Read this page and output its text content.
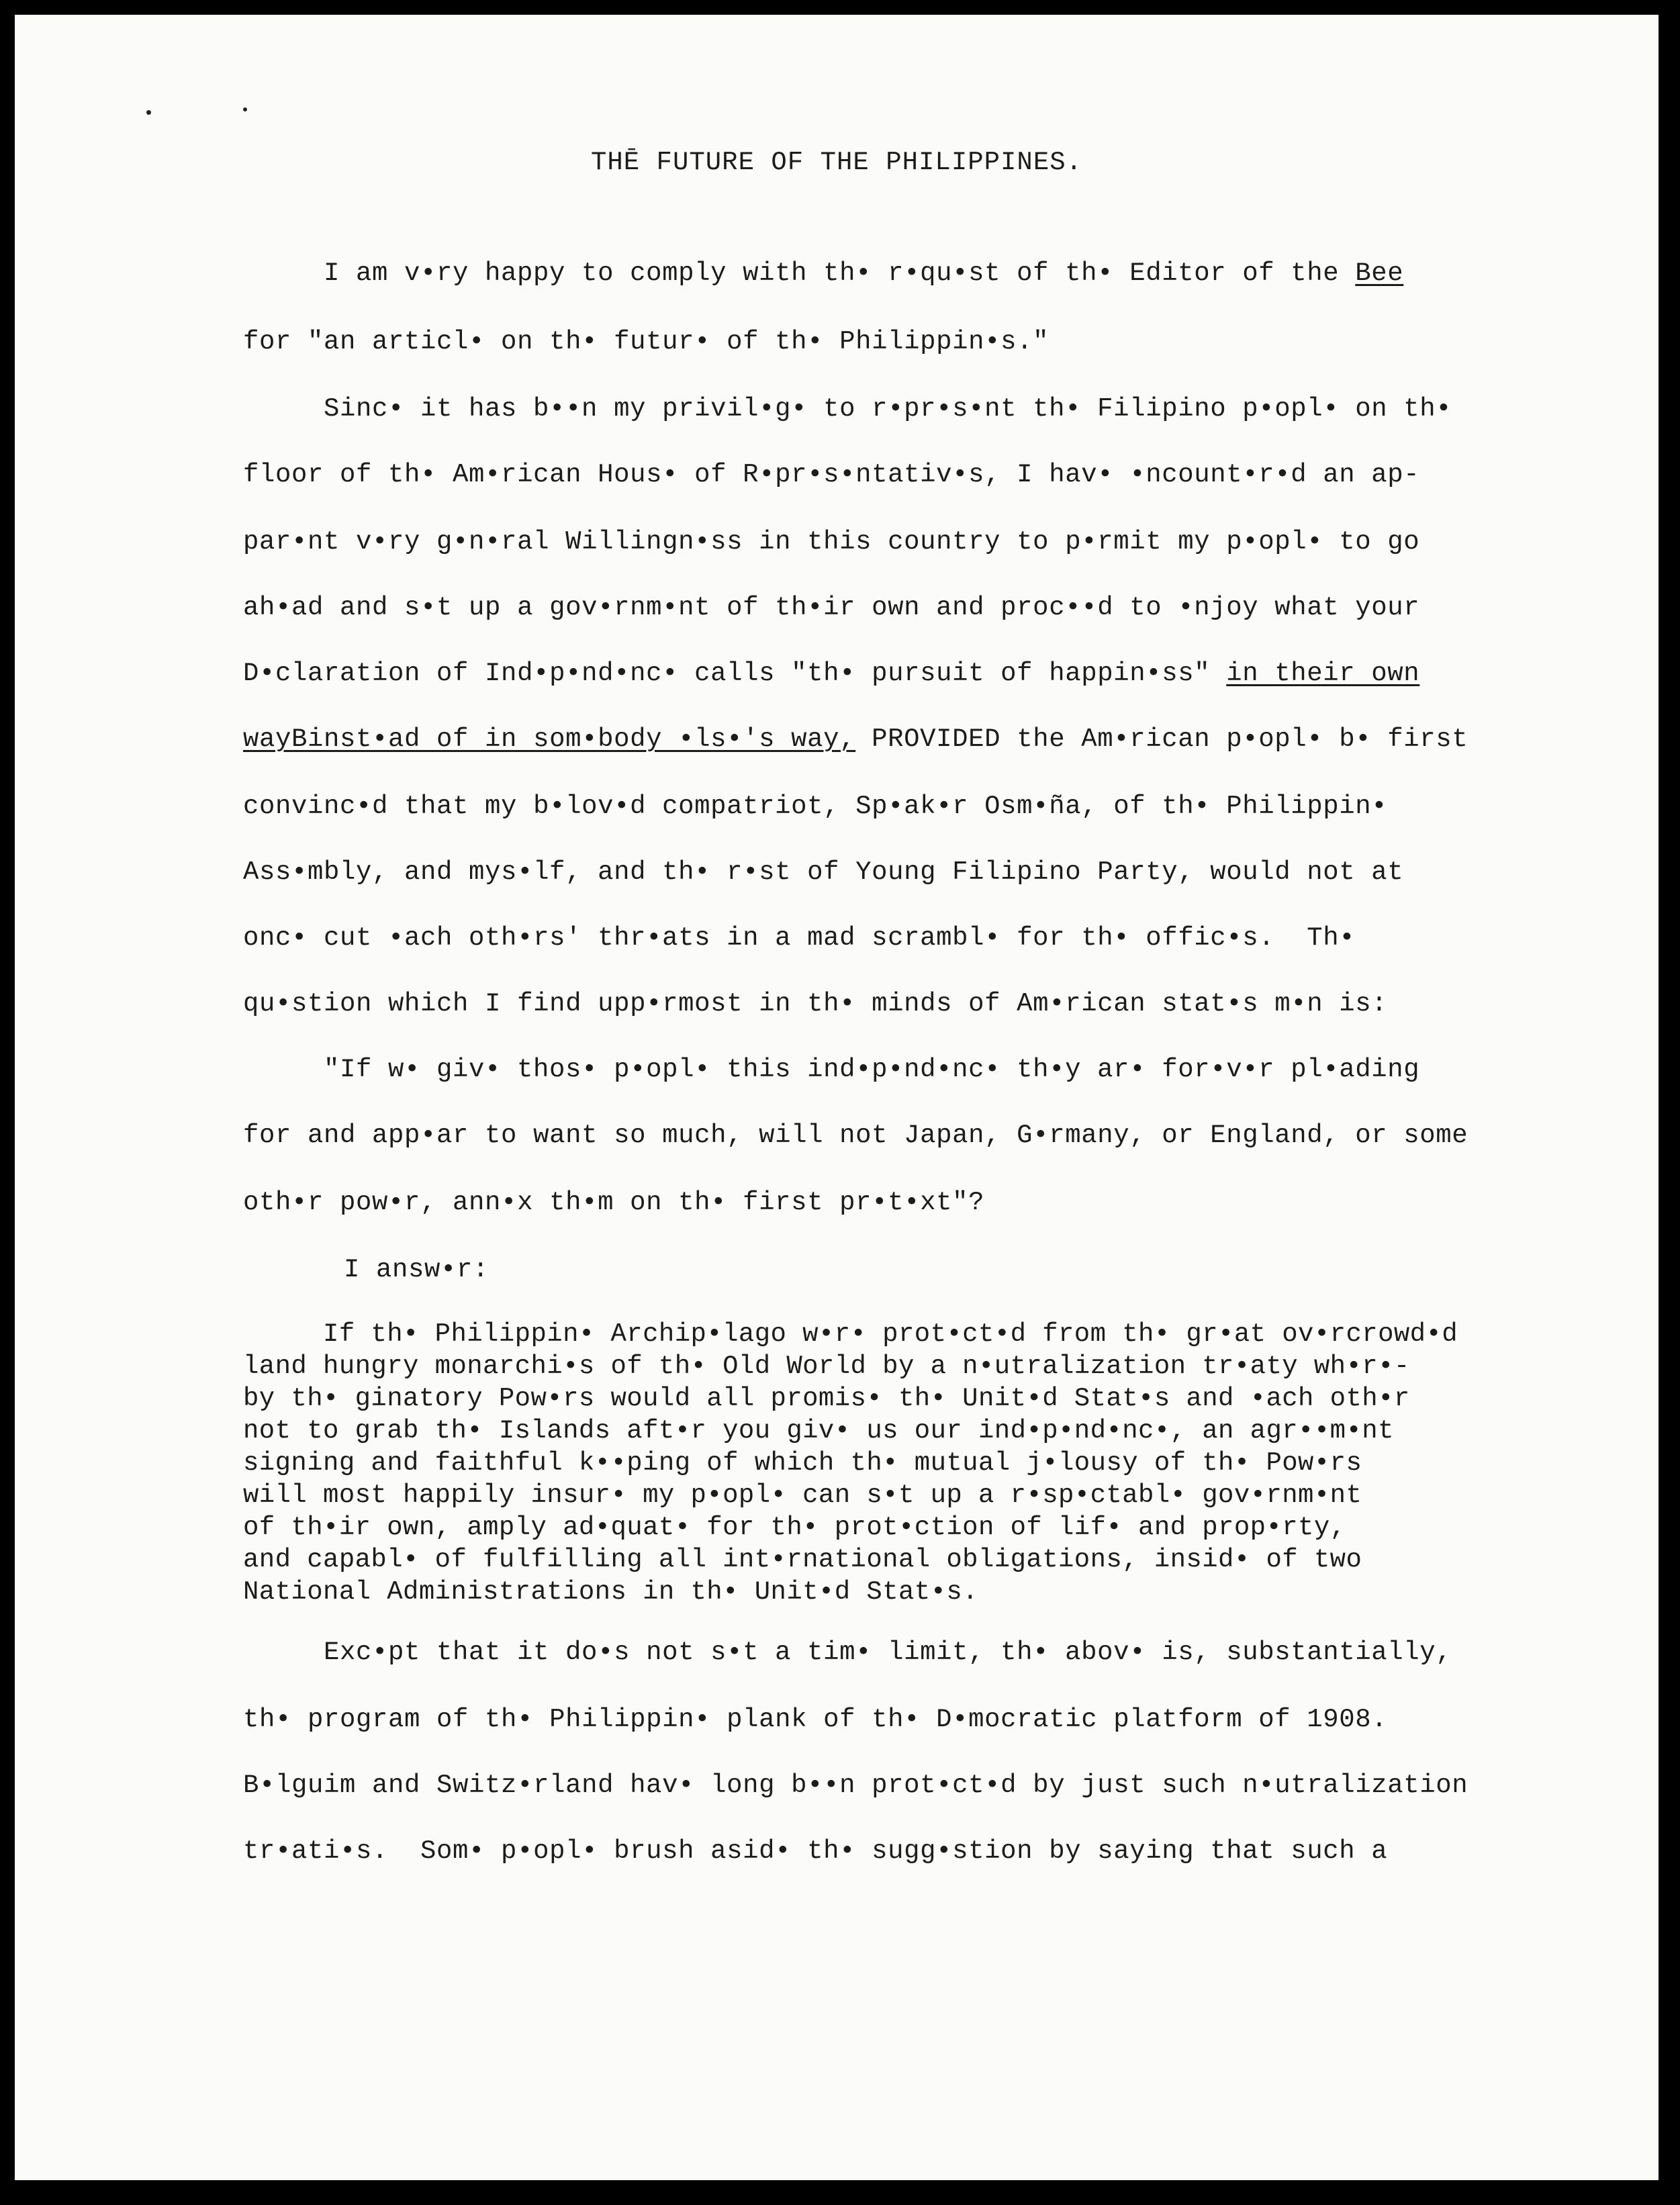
THĒ FUTURE OF THE PHILIPPINES.
I am v•ry happy to comply with th• r•qu•st of th• Editor of the Bee
for "an articl• on th• futur• of th• Philippin•s."
Sinc• it has b••n my privil•g• to r•pr•s•nt th• Filipino p•opl• on th•
floor of th• Am•rican Hous• of R•pr•s•ntativ•s, I hav• •ncount•r•d an ap-
par•nt v•ry g•n•ral Willingn•ss in this country to p•rmit my p•opl• to go
ah•ad and s•t up a gov•rnm•nt of th•ir own and proc••d to •njoy what your
D•claration of Ind•p•nd•nc• calls "th• pursuit of happin•ss" in their own
wayBinst•ad of in som•body •ls•'s way, PROVIDED the Am•rican p•opl• b• first
convinc•d that my b•lov•d compatriot, Sp•ak•r Osm•ña, of th• Philippin•
Ass•mbly, and mys•lf, and th• r•st of Young Filipino Party, would not at
onc• cut •ach oth•rs' thr•ats in a mad scrambl• for th• offic•s.  Th•
qu•stion which I find upp•rmost in th• minds of Am•rican stat•s m•n is:
"If w• giv• thos• p•opl• this ind•p•nd•nc• th•y ar• for•v•r pl•ading
for and app•ar to want so much, will not Japan, G•rmany, or England, or some
oth•r pow•r, ann•x th•m on th• first pr•t•xt"?
I answ•r:
If th• Philippin• Archip•lago w•r• prot•ct•d from th• gr•at ov•rcrowd•d
land hungry monarchi•s of th• Old World by a n•utralization tr•aty wh•r•-
by th• ginatory Pow•rs would all promis• th• Unit•d Stat•s and •ach oth•r
not to grab th• Islands aft•r you giv• us our ind•p•nd•nc•, an agr••m•nt
signing and faithful k••ping of which th• mutual j•lousy of th• Pow•rs
will most happily insur• my p•opl• can s•t up a r•sp•ctabl• gov•rnm•nt
of th•ir own, amply ad•quat• for th• prot•ction of lif• and prop•rty,
and capabl• of fulfilling all int•rnational obligations, insid• of two
National Administrations in th• Unit•d Stat•s.
Exc•pt that it do•s not s•t a tim• limit, th• abov• is, substantially,
th• program of th• Philippin• plank of th• D•mocratic platform of 1908.
B•lguim and Switz•rland hav• long b••n prot•ct•d by just such n•utralization
tr•ati•s.  Som• p•opl• brush asid• th• sugg•stion by saying that such a
